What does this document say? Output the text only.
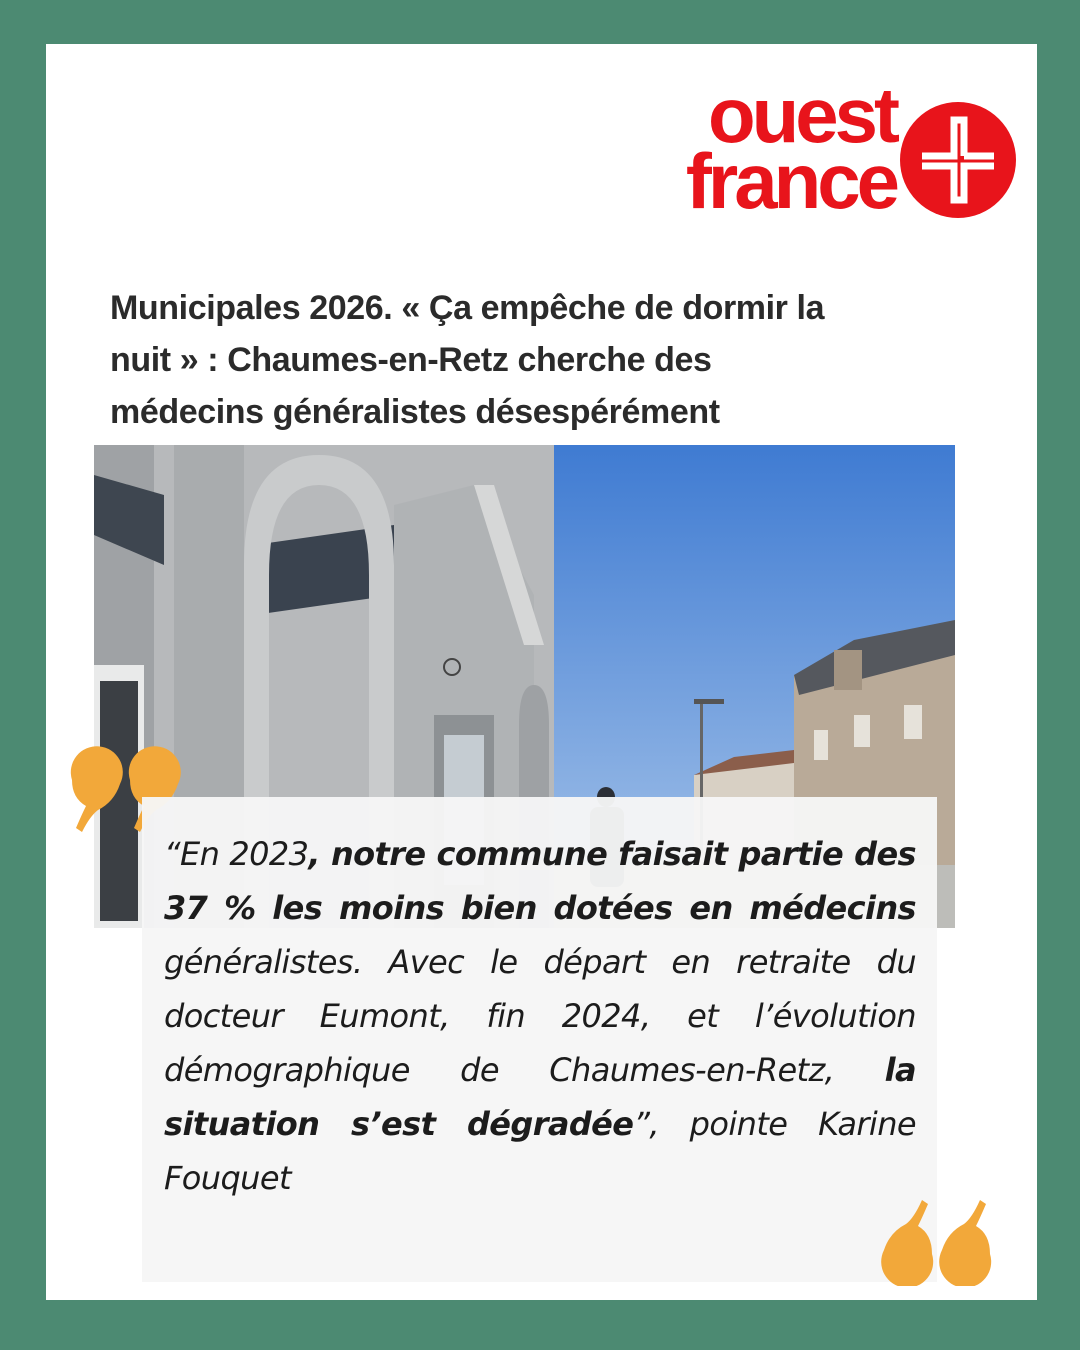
ouest
france
Municipales 2026. « Ça empêche de dormir la nuit » : Chaumes-en-Retz cherche des médecins généralistes désespérément

“En 2023, notre commune faisait partie des 37 % les moins bien dotées en médecins généralistes. Avec le départ en retraite du docteur Eumont, fin 2024, et l’évolution démographique de Chaumes-en-Retz, la situation s’est dégradée”, pointe Karine Fouquet
